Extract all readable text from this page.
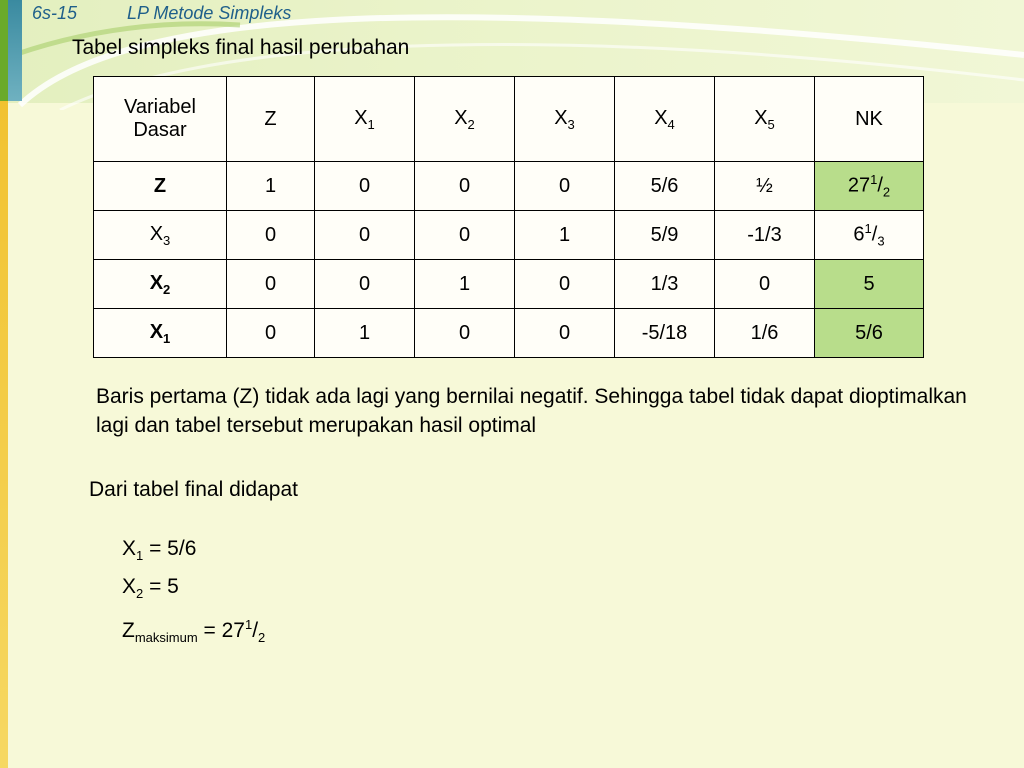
6s-15	LP Metode Simpleks
Tabel simpleks final hasil perubahan
Variabel
Dasar	Z	$X_1$	$X_2$	$X_3$	$X_4$	$X_5$	NK
Z	1	0	0	0	5/6	½	$27^1/_2$
$X_3$	0	0	0	1	5/9	-1/3	$6^1/_3$
$X_2$	0	0	1	0	1/3	0	5
$X_1$	0	1	0	0	-5/18	1/6	5/6
Baris pertama (Z) tidak ada lagi yang bernilai negatif. Sehingga tabel tidak dapat dioptimalkan lagi dan tabel tersebut merupakan hasil optimal
Dari tabel final didapat
$X_1 = 5/6$
$X_2 = 5$
$Z_{maksimum} = 27^1/_2$
